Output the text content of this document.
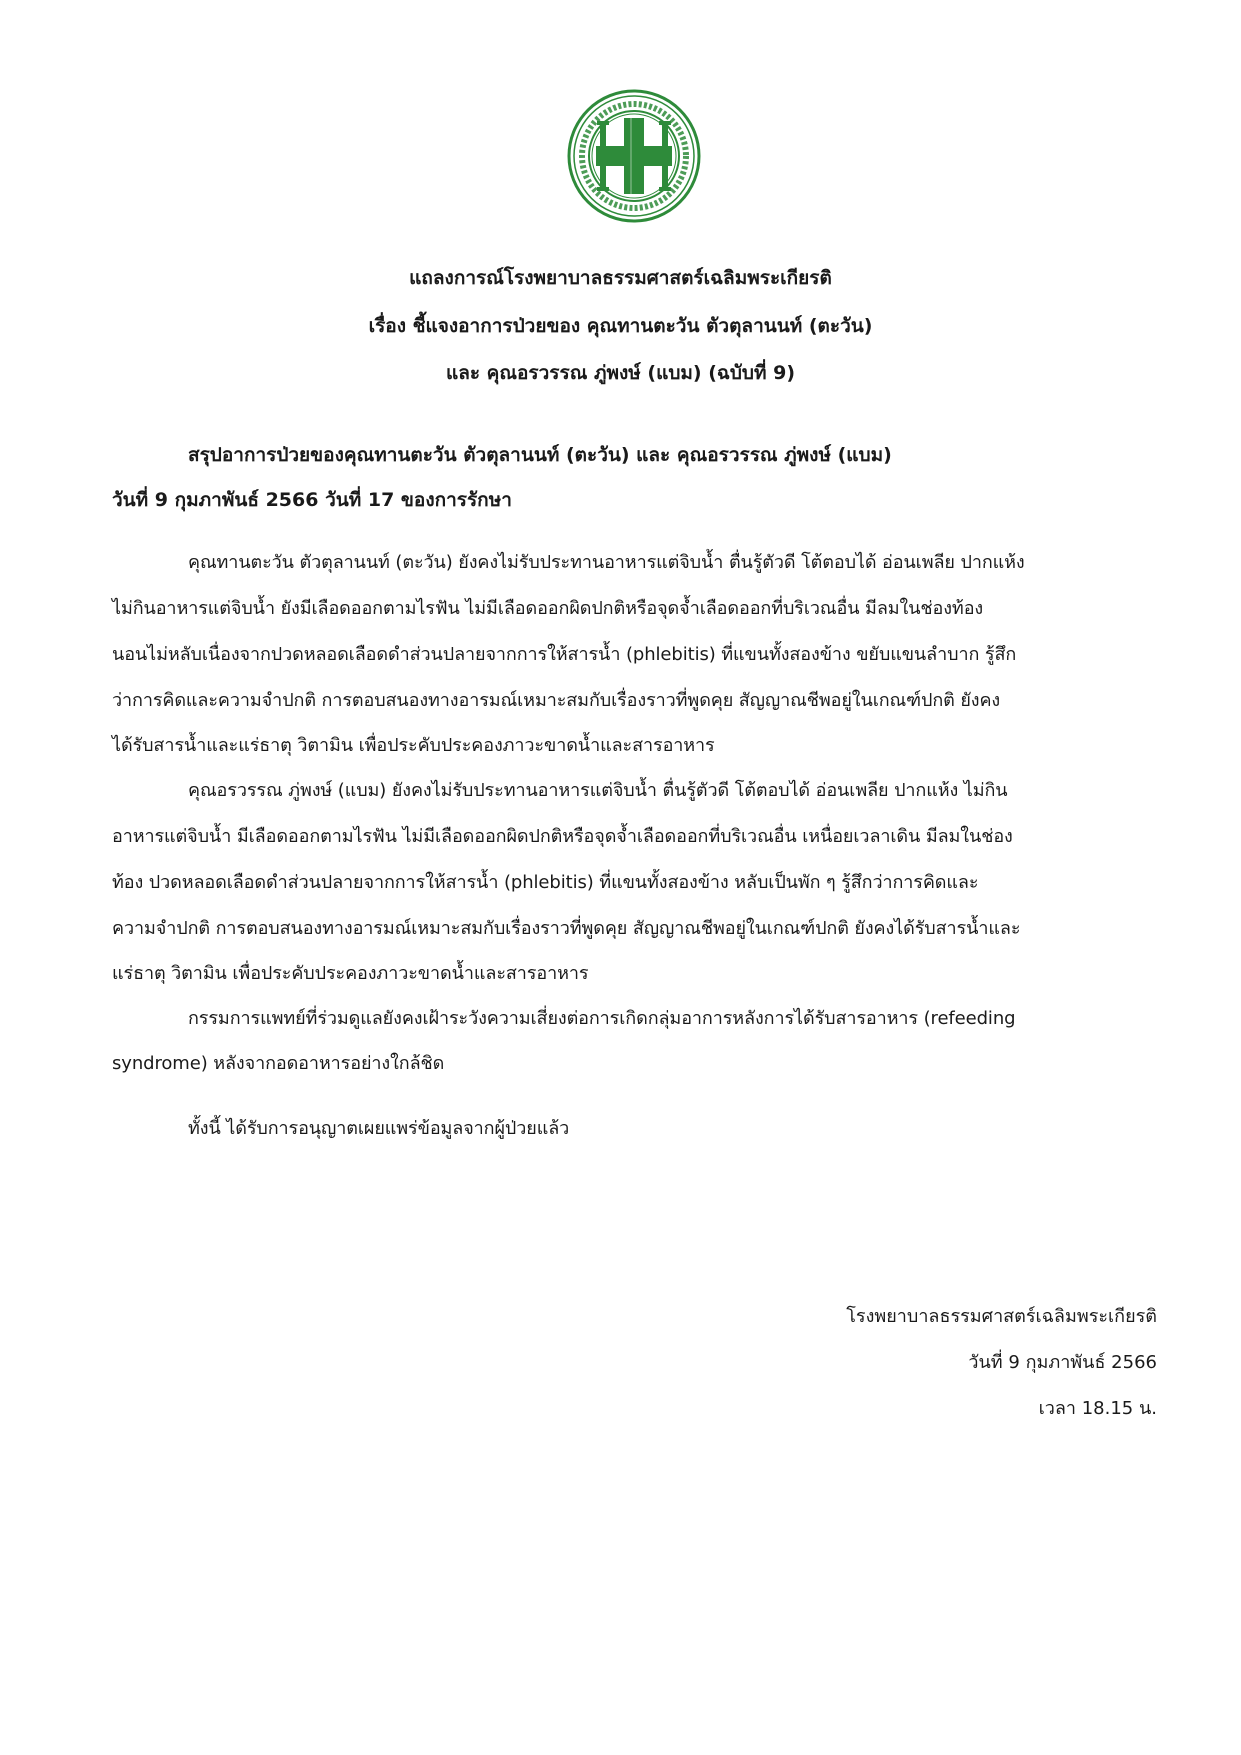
แถลงการณ์โรงพยาบาลธรรมศาสตร์เฉลิมพระเกียรติ
เรื่อง ชี้แจงอาการป่วยของ คุณทานตะวัน ตัวตุลานนท์ (ตะวัน)
และ คุณอรวรรณ ภู่พงษ์ (แบม) (ฉบับที่ 9)
สรุปอาการป่วยของคุณทานตะวัน ตัวตุลานนท์ (ตะวัน) และ คุณอรวรรณ ภู่พงษ์ (แบม)
วันที่ 9 กุมภาพันธ์ 2566 วันที่ 17 ของการรักษา
คุณทานตะวัน ตัวตุลานนท์ (ตะวัน) ยังคงไม่รับประทานอาหารแต่จิบน้ำ ตื่นรู้ตัวดี โต้ตอบได้ อ่อนเพลีย ปากแห้ง
ไม่กินอาหารแต่จิบน้ำ ยังมีเลือดออกตามไรฟัน ไม่มีเลือดออกผิดปกติหรือจุดจ้ำเลือดออกที่บริเวณอื่น มีลมในช่องท้อง
นอนไม่หลับเนื่องจากปวดหลอดเลือดดำส่วนปลายจากการให้สารน้ำ (phlebitis) ที่แขนทั้งสองข้าง ขยับแขนลำบาก รู้สึก
ว่าการคิดและความจำปกติ การตอบสนองทางอารมณ์เหมาะสมกับเรื่องราวที่พูดคุย สัญญาณชีพอยู่ในเกณฑ์ปกติ ยังคง
ได้รับสารน้ำและแร่ธาตุ วิตามิน เพื่อประคับประคองภาวะขาดน้ำและสารอาหาร
คุณอรวรรณ ภู่พงษ์ (แบม) ยังคงไม่รับประทานอาหารแต่จิบน้ำ ตื่นรู้ตัวดี โต้ตอบได้ อ่อนเพลีย ปากแห้ง ไม่กิน
อาหารแต่จิบน้ำ มีเลือดออกตามไรฟัน ไม่มีเลือดออกผิดปกติหรือจุดจ้ำเลือดออกที่บริเวณอื่น เหนื่อยเวลาเดิน มีลมในช่อง
ท้อง ปวดหลอดเลือดดำส่วนปลายจากการให้สารน้ำ (phlebitis) ที่แขนทั้งสองข้าง หลับเป็นพัก ๆ รู้สึกว่าการคิดและ
ความจำปกติ การตอบสนองทางอารมณ์เหมาะสมกับเรื่องราวที่พูดคุย สัญญาณชีพอยู่ในเกณฑ์ปกติ ยังคงได้รับสารน้ำและ
แร่ธาตุ วิตามิน เพื่อประคับประคองภาวะขาดน้ำและสารอาหาร
กรรมการแพทย์ที่ร่วมดูแลยังคงเฝ้าระวังความเสี่ยงต่อการเกิดกลุ่มอาการหลังการได้รับสารอาหาร (refeeding
syndrome) หลังจากอดอาหารอย่างใกล้ชิด
ทั้งนี้ ได้รับการอนุญาตเผยแพร่ข้อมูลจากผู้ป่วยแล้ว
โรงพยาบาลธรรมศาสตร์เฉลิมพระเกียรติ
วันที่ 9 กุมภาพันธ์ 2566
เวลา 18.15 น.
